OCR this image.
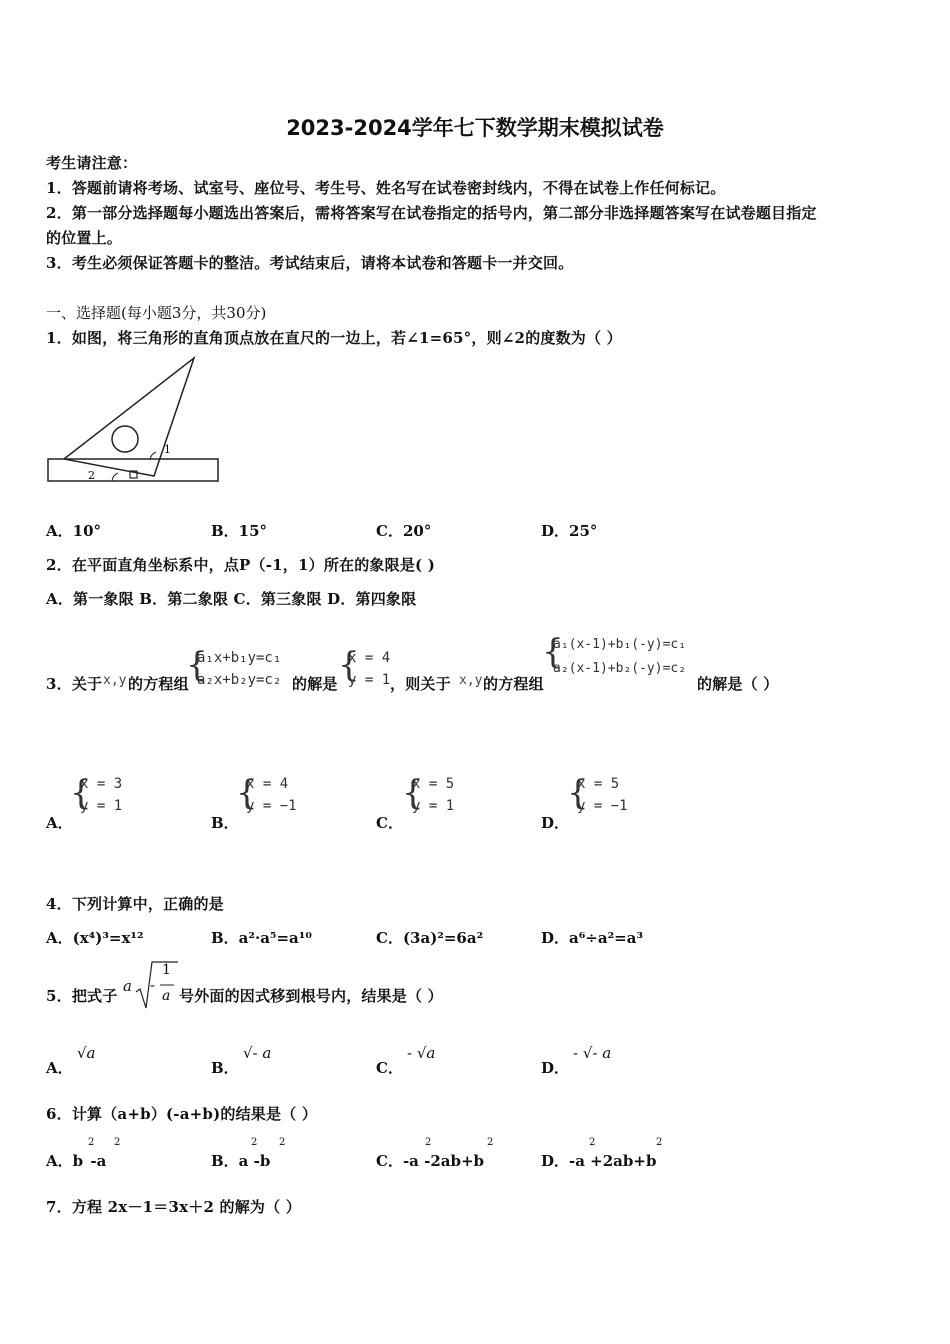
2023-2024学年七下数学期末模拟试卷
考生请注意：
1．答题前请将考场、试室号、座位号、考生号、姓名写在试卷密封线内，不得在试卷上作任何标记。
2．第一部分选择题每小题选出答案后，需将答案写在试卷指定的括号内，第二部分非选择题答案写在试卷题目指定
的位置上。
3．考生必须保证答题卡的整洁。考试结束后，请将本试卷和答题卡一并交回。
一、选择题(每小题3分，共30分)
1．如图，将三角形的直角顶点放在直尺的一边上，若∠1=65°，则∠2的度数为（ ）
1
2
A．10°	B．15°	C．20°	D．25°
2．在平面直角坐标系中，点P（-1，1）所在的象限是( )
A．第一象限 B．第二象限 C．第三象限 D．第四象限
3．关于 x,y 的方程组
{
a₁x+b₁y=c₁
a₂x+b₂y=c₂ 的解是 {
x = 4
y = 1 ，则关于 x,y 的方程组
{
a₁(x-1)+b₁(-y)=c₁
a₂(x-1)+b₂(-y)=c₂
的解是（ ）
A．
{
x = 3
y = 1
B．
{
x = 4
y = −1
C．
{
x = 5
y = 1
D．
{
x = 5
y = −1
4．下列计算中，正确的是
A．(x⁴)³=x¹²	B．a²·a⁵=a¹⁰	C．(3a)²=6a²	D．a⁶÷a²=a³
5．把式子
a -
1
a 号外面的因式移到根号内，结果是（ ）
A．
√a
B．
√- a
C．
- √a
D．
- √- a
6．计算（a+b）(-a+b)的结果是（ ）
A．b -a
2 2
B．a -b
2 2
C．-a -2ab+b
2	2
D．-a +2ab+b
2	2
7．方程 2x－1＝3x＋2 的解为（ ）
